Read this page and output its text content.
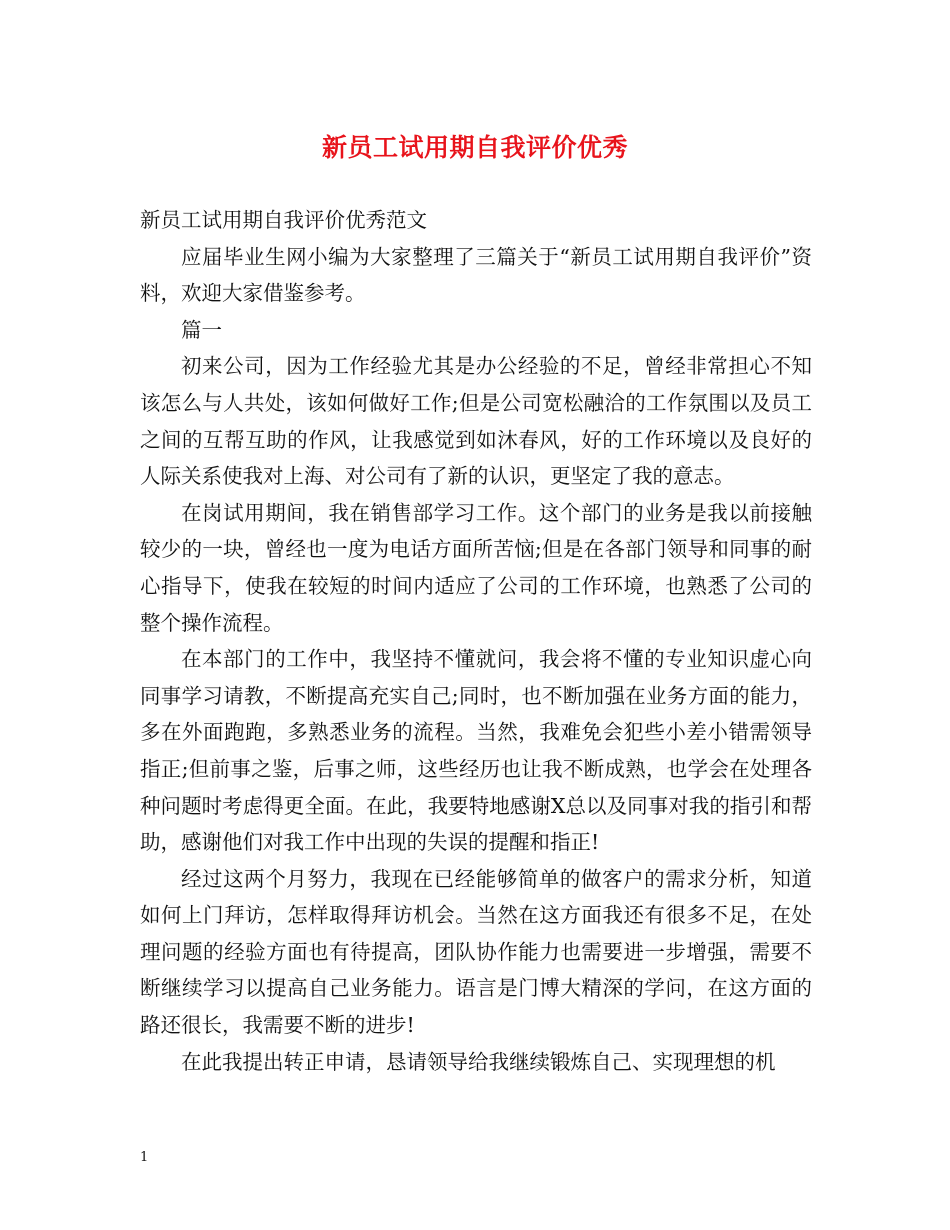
新员工试用期自我评价优秀

新员工试用期自我评价优秀范文

应届毕业生网小编为大家整理了三篇关于“新员工试用期自我评价”资料，欢迎大家借鉴参考。

篇一

初来公司，因为工作经验尤其是办公经验的不足，曾经非常担心不知该怎么与人共处，该如何做好工作;但是公司宽松融洽的工作氛围以及员工之间的互帮互助的作风，让我感觉到如沐春风，好的工作环境以及良好的人际关系使我对上海、对公司有了新的认识，更坚定了我的意志。

在岗试用期间，我在销售部学习工作。这个部门的业务是我以前接触较少的一块，曾经也一度为电话方面所苦恼;但是在各部门领导和同事的耐心指导下，使我在较短的时间内适应了公司的工作环境，也熟悉了公司的整个操作流程。

在本部门的工作中，我坚持不懂就问，我会将不懂的专业知识虚心向同事学习请教，不断提高充实自己;同时，也不断加强在业务方面的能力，多在外面跑跑，多熟悉业务的流程。当然，我难免会犯些小差小错需领导指正;但前事之鉴，后事之师，这些经历也让我不断成熟，也学会在处理各种问题时考虑得更全面。在此，我要特地感谢X总以及同事对我的指引和帮助，感谢他们对我工作中出现的失误的提醒和指正!

经过这两个月努力，我现在已经能够简单的做客户的需求分析，知道如何上门拜访，怎样取得拜访机会。当然在这方面我还有很多不足，在处理问题的经验方面也有待提高，团队协作能力也需要进一步增强，需要不断继续学习以提高自己业务能力。语言是门博大精深的学问，在这方面的路还很长，我需要不断的进步!

在此我提出转正申请，恳请领导给我继续锻炼自己、实现理想的机

1
